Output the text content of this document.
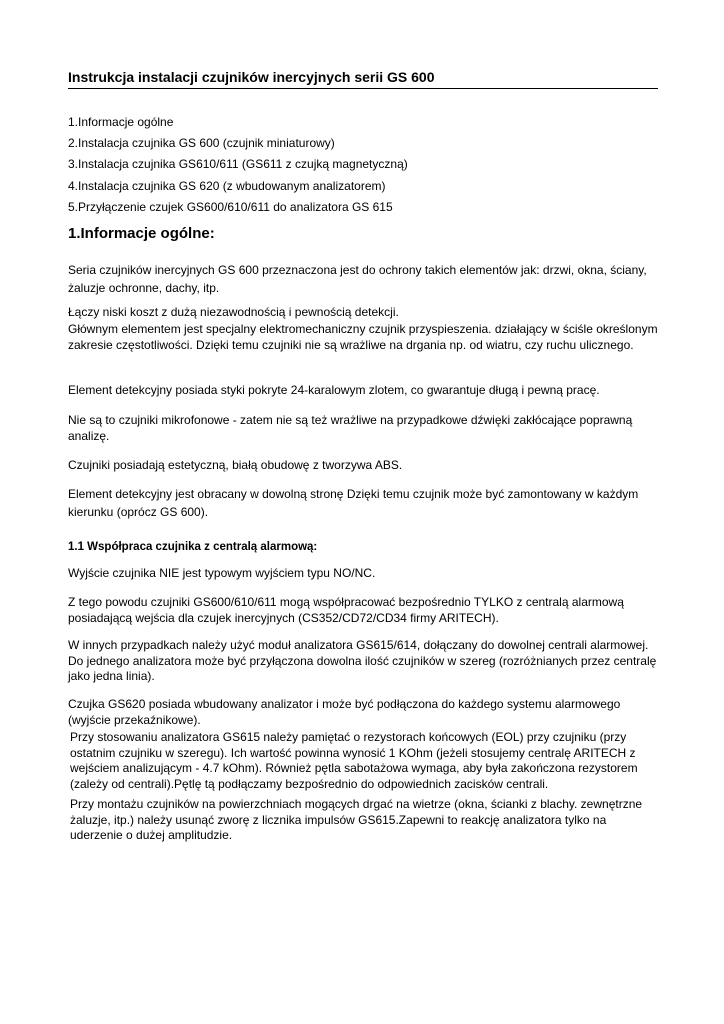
Instrukcja instalacji czujników inercyjnych serii GS 600
1.Informacje ogólne
2.Instalacja czujnika GS 600 (czujnik miniaturowy)
3.Instalacja czujnika GS610/611 (GS611 z czujką magnetyczną)
4.Instalacja czujnika GS 620 (z wbudowanym analizatorem)
5.Przyłączenie czujek GS600/610/611 do analizatora GS 615
1.Informacje ogólne:

Seria czujników inercyjnych GS 600 przeznaczona jest do ochrony takich elementów jak: drzwi, okna, ściany, żaluzje ochronne, dachy, itp.

Łączy niski koszt z dużą niezawodnością i pewnością detekcji.

Głównym elementem jest specjalny elektromechaniczny czujnik przyspieszenia. działający w ściśle określonym zakresie częstotliwości. Dzięki temu czujniki nie są wrażliwe na drgania np. od wiatru, czy ruchu ulicznego.

Element detekcyjny posiada styki pokryte 24-karalowym zlotem, co gwarantuje długą i pewną pracę.

Nie są to czujniki mikrofonowe - zatem nie są też wrażliwe na przypadkowe dźwięki zakłócające poprawną analizę.

Czujniki posiadają estetyczną, białą obudowę z tworzywa ABS.

Element detekcyjny jest obracany w dowolną stronę Dzięki temu czujnik może być zamontowany w każdym kierunku (oprócz GS 600).

1.1 Współpraca czujnika z centralą alarmową:

Wyjście czujnika NIE jest typowym wyjściem typu NO/NC.

Z tego powodu czujniki GS600/610/611 mogą współpracować bezpośrednio TYLKO z centralą alarmową posiadającą wejścia dla czujek inercyjnych (CS352/CD72/CD34 firmy ARITECH).

W innych przypadkach należy użyć moduł analizatora GS615/614, dołączany do dowolnej centrali alarmowej. Do jednego analizatora może być przyłączona dowolna ilość czujników w szereg (rozróżnianych przez centralę jako jedna linia).

Czujka GS620 posiada wbudowany analizator i może być podłączona do każdego systemu alarmowego (wyjście przekaźnikowe).

Przy stosowaniu analizatora GS615 należy pamiętać o rezystorach końcowych (EOL) przy czujniku (przy ostatnim czujniku w szeregu). Ich wartość powinna wynosić 1 KOhm (jeżeli stosujemy centralę ARITECH z wejściem analizującym - 4.7 kOhm). Również pętla sabotażowa wymaga, aby była zakończona rezystorem (zależy od centrali).Pętlę tą podłączamy bezpośrednio do odpowiednich zacisków centrali.

Przy montażu czujników na powierzchniach mogących drgać na wietrze (okna, ścianki z blachy. zewnętrzne żaluzje, itp.) należy usunąć zworę z licznika impulsów GS615.Zapewni to reakcję analizatora tylko na uderzenie o dużej amplitudzie.
